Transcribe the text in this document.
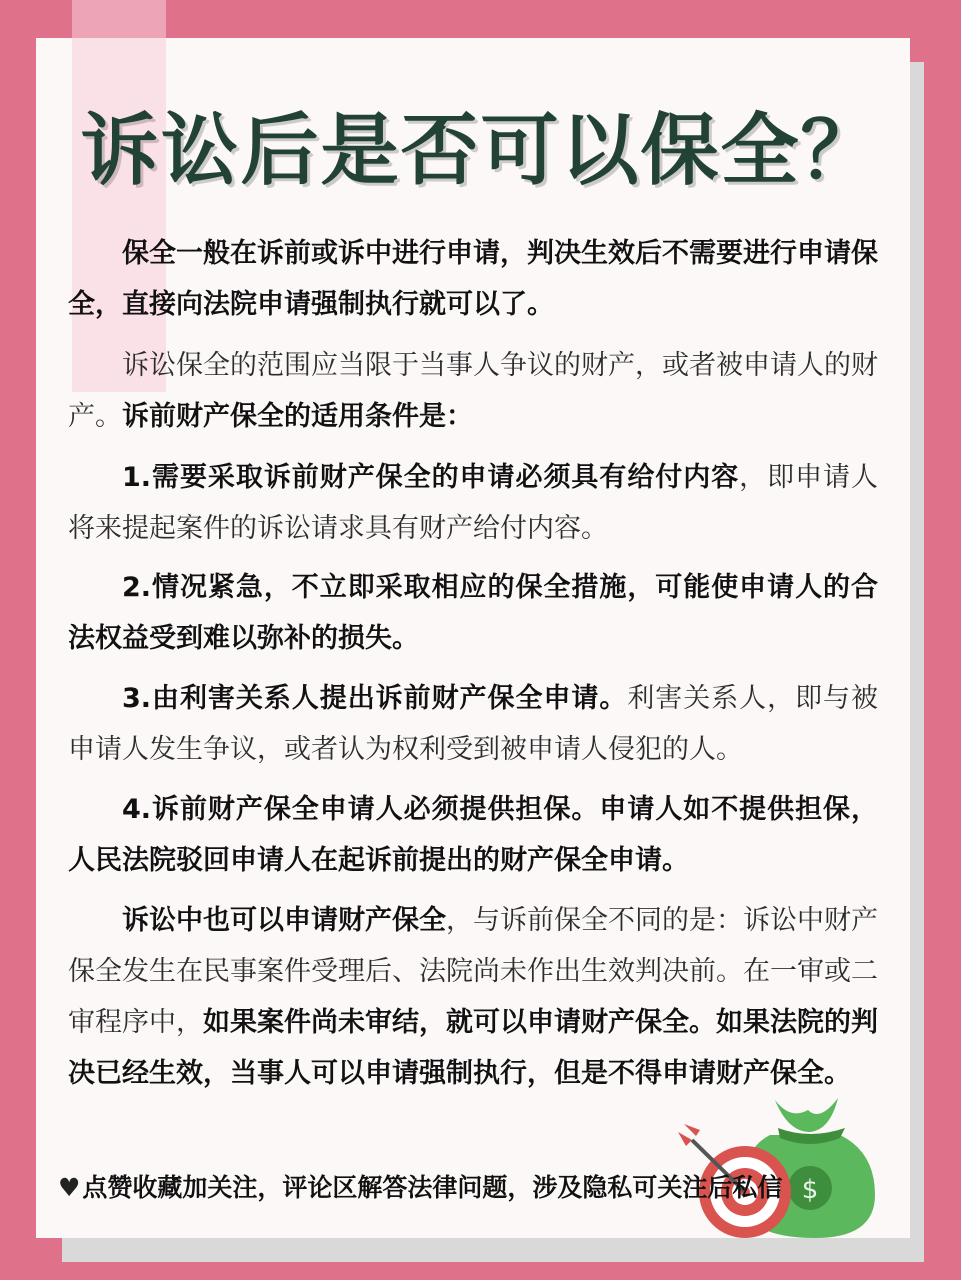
诉讼后是否可以保全？
保全一般在诉前或诉中进行申请，判决生效后不需要进行申请保全，直接向法院申请强制执行就可以了。
诉讼保全的范围应当限于当事人争议的财产，或者被申请人的财产。诉前财产保全的适用条件是：
1.需要采取诉前财产保全的申请必须具有给付内容，即申请人将来提起案件的诉讼请求具有财产给付内容。
2.情况紧急，不立即采取相应的保全措施，可能使申请人的合法权益受到难以弥补的损失。
3.由利害关系人提出诉前财产保全申请。利害关系人，即与被申请人发生争议，或者认为权利受到被申请人侵犯的人。
4.诉前财产保全申请人必须提供担保。申请人如不提供担保，人民法院驳回申请人在起诉前提出的财产保全申请。
诉讼中也可以申请财产保全，与诉前保全不同的是：诉讼中财产保全发生在民事案件受理后、法院尚未作出生效判决前。在一审或二审程序中，如果案件尚未审结，就可以申请财产保全。如果法院的判决已经生效，当事人可以申请强制执行，但是不得申请财产保全。
$
♥点赞收藏加关注，评论区解答法律问题，涉及隐私可关注后私信
